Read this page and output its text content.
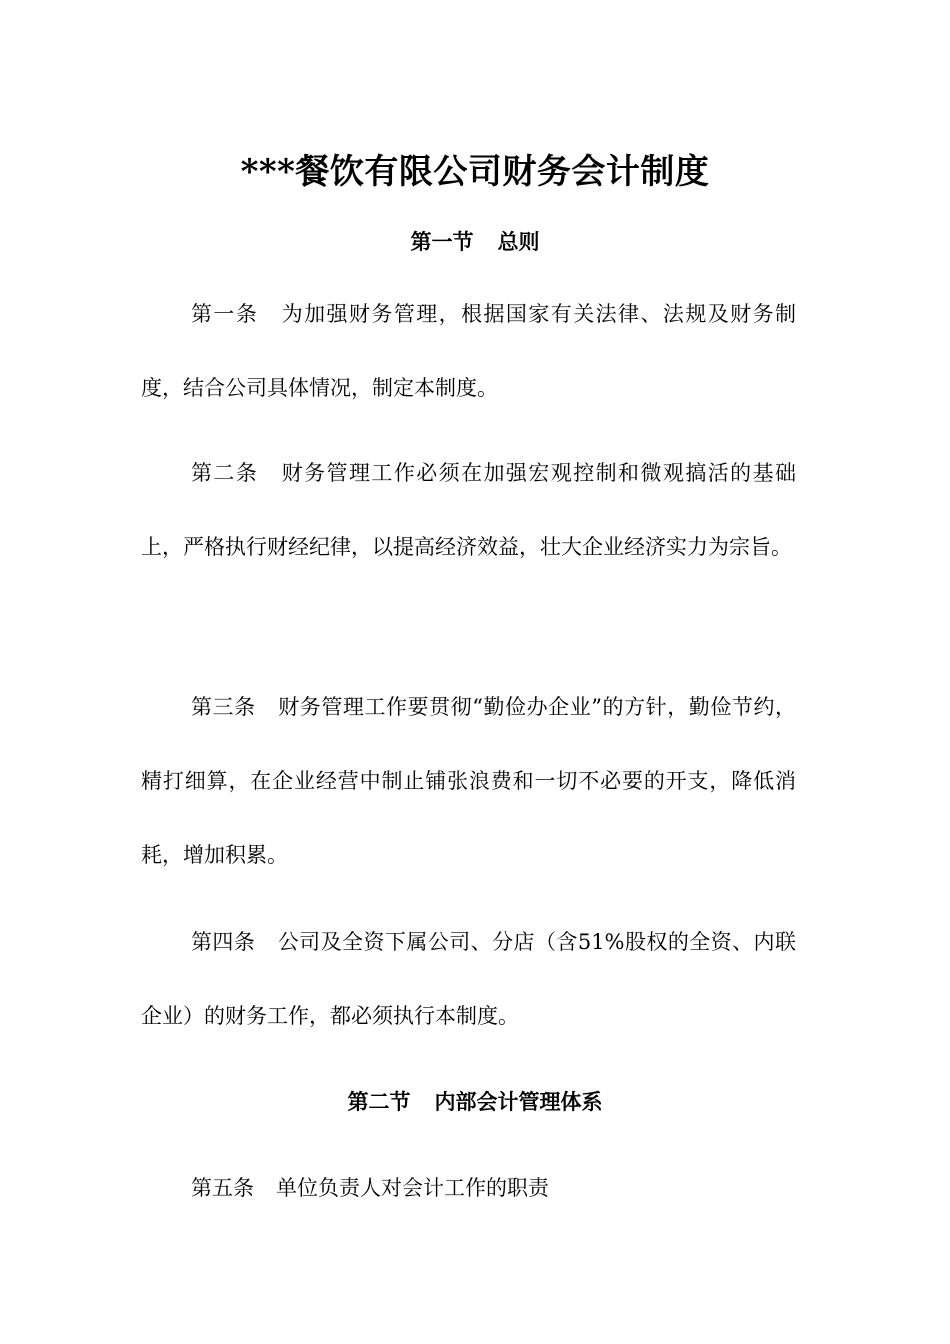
***餐饮有限公司财务会计制度
第一节 总则

第一条 为加强财务管理，根据国家有关法律、法规及财务制度，结合公司具体情况，制定本制度。

第二条 财务管理工作必须在加强宏观控制和微观搞活的基础上，严格执行财经纪律，以提高经济效益，壮大企业经济实力为宗旨。

第三条 财务管理工作要贯彻“勤俭办企业”的方针，勤俭节约，精打细算，在企业经营中制止铺张浪费和一切不必要的开支，降低消耗，增加积累。

第四条 公司及全资下属公司、分店（含51%股权的全资、内联企业）的财务工作，都必须执行本制度。

第二节 内部会计管理体系

第五条 单位负责人对会计工作的职责
